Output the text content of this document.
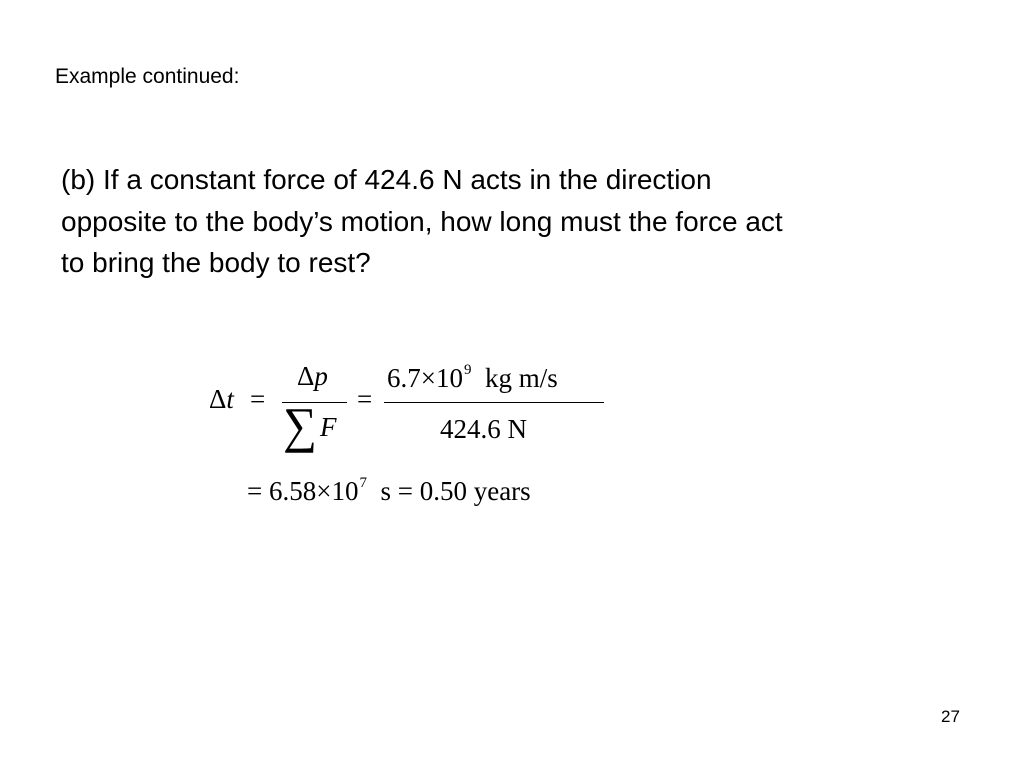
Example continued:
(b) If a constant force of 424.6 N acts in the direction
opposite to the body’s motion, how long must the force act
to bring the body to rest?
Δt =
Δp
∑ F
=
$6.7\times 10^9$ kg m/s
424.6 N
= $6.58\times 10^7$ s = 0.50 years
27
